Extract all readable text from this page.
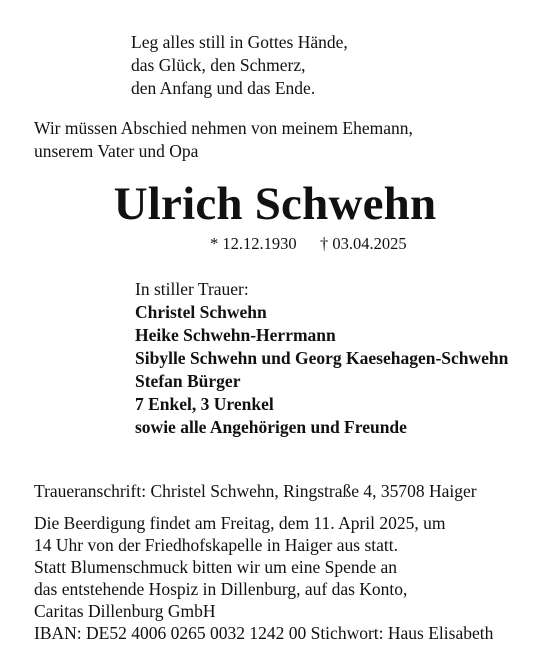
Leg alles still in Gottes Hände,
das Glück, den Schmerz,
den Anfang und das Ende.
Wir müssen Abschied nehmen von meinem Ehemann,
unserem Vater und Opa
Ulrich Schwehn
* 12.12.1930 † 03.04.2025
In stiller Trauer:
Christel Schwehn
Heike Schwehn-Herrmann
Sibylle Schwehn und Georg Kaesehagen-Schwehn
Stefan Bürger
7 Enkel, 3 Urenkel
sowie alle Angehörigen und Freunde
Traueranschrift: Christel Schwehn, Ringstraße 4, 35708 Haiger
Die Beerdigung findet am Freitag, dem 11. April 2025, um
14 Uhr von der Friedhofskapelle in Haiger aus statt.
Statt Blumenschmuck bitten wir um eine Spende an
das entstehende Hospiz in Dillenburg, auf das Konto,
Caritas Dillenburg GmbH
IBAN: DE52 4006 0265 0032 1242 00 Stichwort: Haus Elisabeth
